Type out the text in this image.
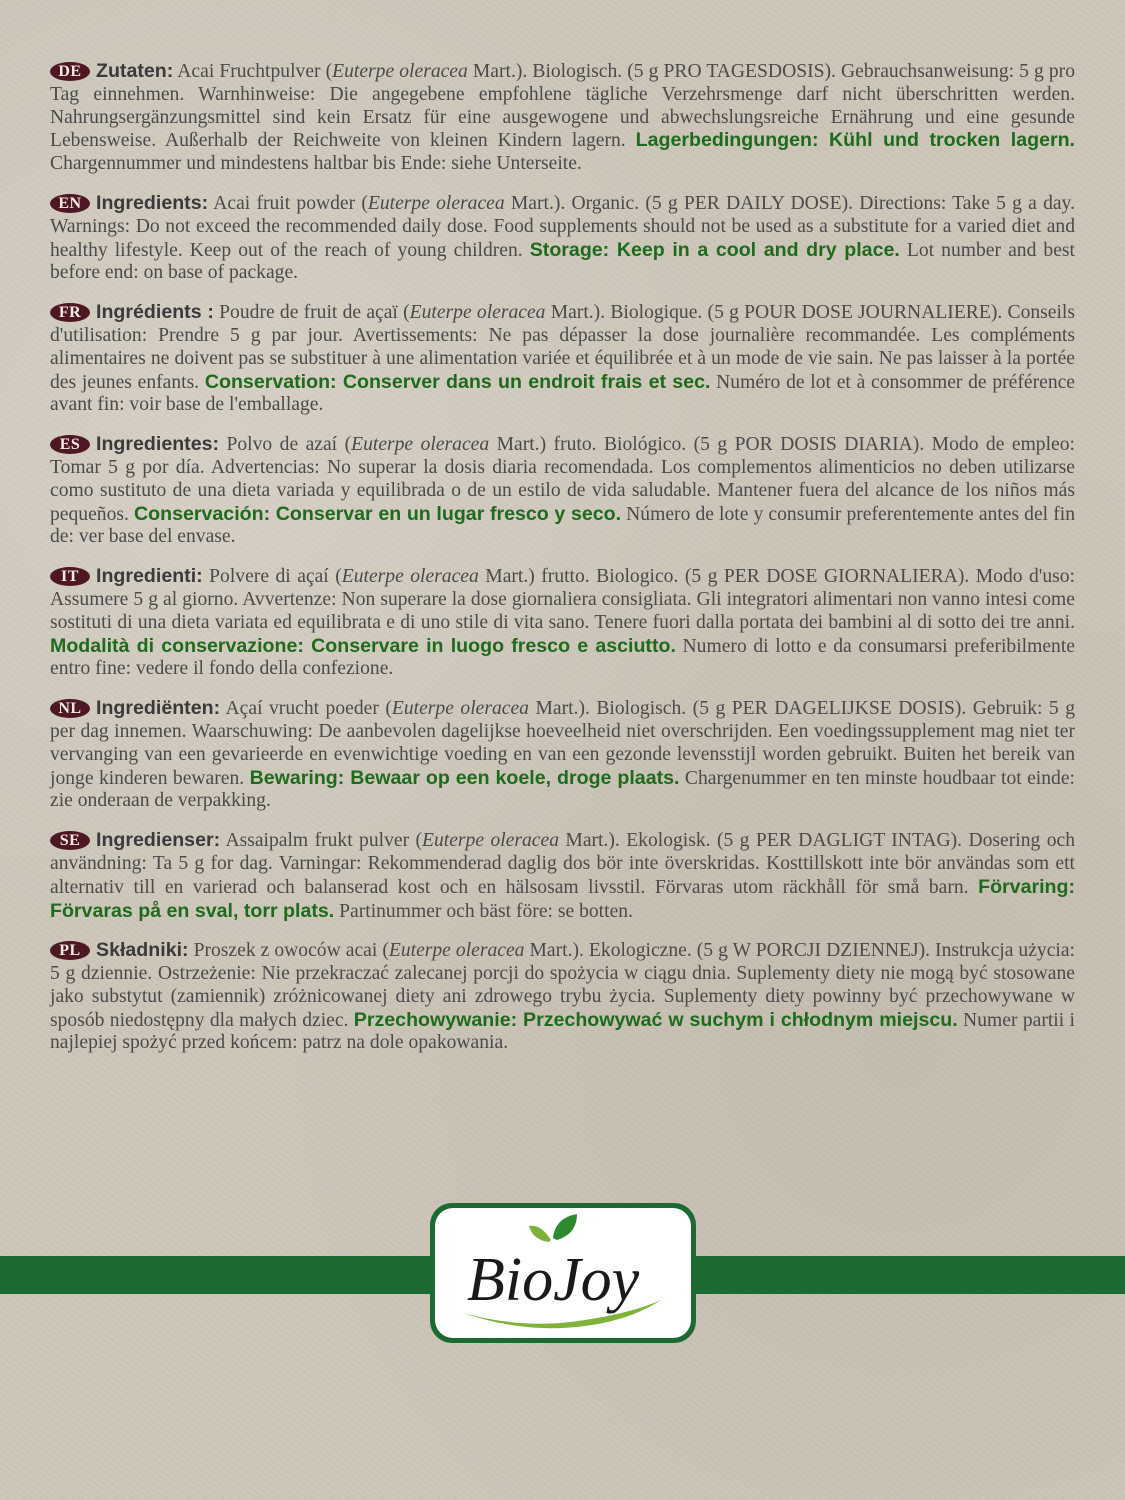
DE Zutaten: Acai Fruchtpulver (Euterpe oleracea Mart.). Biologisch. (5 g PRO TAGESDOSIS). Gebrauchsanweisung: 5 g pro Tag einnehmen. Warnhinweise: Die angegebene empfohlene tägliche Verzehrsmenge darf nicht überschritten werden. Nahrungsergänzungsmittel sind kein Ersatz für eine ausgewogene und abwechslungsreiche Ernährung und eine gesunde Lebensweise. Außerhalb der Reichweite von kleinen Kindern lagern. Lagerbedingungen: Kühl und trocken lagern. Chargennummer und mindestens haltbar bis Ende: siehe Unterseite.

EN Ingredients: Acai fruit powder (Euterpe oleracea Mart.). Organic. (5 g PER DAILY DOSE). Directions: Take 5 g a day. Warnings: Do not exceed the recommended daily dose. Food supplements should not be used as a substitute for a varied diet and healthy lifestyle. Keep out of the reach of young children. Storage: Keep in a cool and dry place. Lot number and best before end: on base of package.

FR Ingrédients : Poudre de fruit de açaï (Euterpe oleracea Mart.). Biologique. (5 g POUR DOSE JOURNALIERE). Conseils d'utilisation: Prendre 5 g par jour. Avertissements: Ne pas dépasser la dose journalière recommandée. Les compléments alimentaires ne doivent pas se substituer à une alimentation variée et équilibrée et à un mode de vie sain. Ne pas laisser à la portée des jeunes enfants. Conservation: Conserver dans un endroit frais et sec. Numéro de lot et à consommer de préférence avant fin: voir base de l'emballage.

ES Ingredientes: Polvo de azaí (Euterpe oleracea Mart.) fruto. Biológico. (5 g POR DOSIS DIARIA). Modo de empleo: Tomar 5 g por día. Advertencias: No superar la dosis diaria recomendada. Los complementos alimenticios no deben utilizarse como sustituto de una dieta variada y equilibrada o de un estilo de vida saludable. Mantener fuera del alcance de los niños más pequeños. Conservación: Conservar en un lugar fresco y seco. Número de lote y consumir preferentemente antes del fin de: ver base del envase.

IT Ingredienti: Polvere di açaí (Euterpe oleracea Mart.) frutto. Biologico. (5 g PER DOSE GIORNALIERA). Modo d'uso: Assumere 5 g al giorno. Avvertenze: Non superare la dose giornaliera consigliata. Gli integratori alimentari non vanno intesi come sostituti di una dieta variata ed equilibrata e di uno stile di vita sano. Tenere fuori dalla portata dei bambini al di sotto dei tre anni. Modalità di conservazione: Conservare in luogo fresco e asciutto. Numero di lotto e da consumarsi preferibilmente entro fine: vedere il fondo della confezione.

NL Ingrediënten: Açaí vrucht poeder (Euterpe oleracea Mart.). Biologisch. (5 g PER DAGELIJKSE DOSIS). Gebruik: 5 g per dag innemen. Waarschuwing: De aanbevolen dagelijkse hoeveelheid niet overschrijden. Een voedingssupplement mag niet ter vervanging van een gevarieerde en evenwichtige voeding en van een gezonde levensstijl worden gebruikt. Buiten het bereik van jonge kinderen bewaren. Bewaring: Bewaar op een koele, droge plaats. Chargenummer en ten minste houdbaar tot einde: zie onderaan de verpakking.

SE Ingredienser: Assaipalm frukt pulver (Euterpe oleracea Mart.). Ekologisk. (5 g PER DAGLIGT INTAG). Dosering och användning: Ta 5 g for dag. Varningar: Rekommenderad daglig dos bör inte överskridas. Kosttillskott inte bör användas som ett alternativ till en varierad och balanserad kost och en hälsosam livsstil. Förvaras utom räckhåll för små barn. Förvaring: Förvaras på en sval, torr plats. Partinummer och bäst före: se botten.

PL Składniki: Proszek z owoców acai (Euterpe oleracea Mart.). Ekologiczne. (5 g W PORCJI DZIENNEJ). Instrukcja użycia: 5 g dziennie. Ostrzeżenie: Nie przekraczać zalecanej porcji do spożycia w ciągu dnia. Suplementy diety nie mogą być stosowane jako substytut (zamiennik) zróżnicowanej diety ani zdrowego trybu życia. Suplementy diety powinny być przechowywane w sposób niedostępny dla małych dziec. Przechowywanie: Przechowywać w suchym i chłodnym miejscu. Numer partii i najlepiej spożyć przed końcem: patrz na dole opakowania.

BioJoy
